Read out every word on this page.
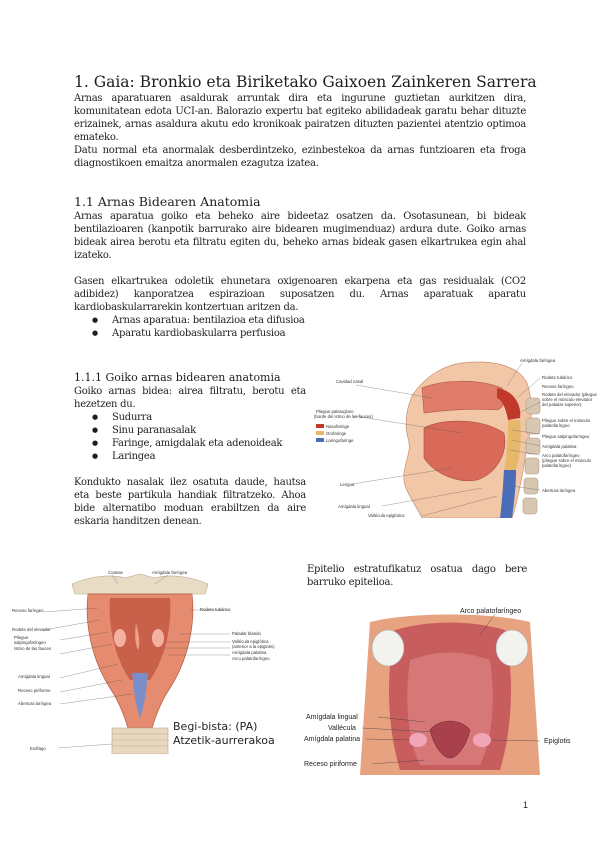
1. Gaia: Bronkio eta Biriketako Gaixoen Zainkeren Sarrera

Arnas aparatuaren asaldurak arruntak dira eta ingurune guztietan aurkitzen dira, komunitatean edota UCI-an. Balorazio expertu bat egiteko abilidadeak garatu behar dituzte erizainek, arnas asaldura akutu edo kronikoak pairatzen dituzten pazientei atentzio optimoa emateko.

Datu normal eta anormalak desberdintzeko, ezinbestekoa da arnas funtzioaren eta froga diagnostikoen emaitza anormalen ezagutza izatea.

1.1 Arnas Bidearen Anatomia

Arnas aparatua goiko eta beheko aire bideetaz osatzen da. Osotasunean, bi bideak bentilazioaren (kanpotik barrurako aire bidearen mugimenduaz) ardura dute. Goiko arnas bideak airea berotu eta filtratu egiten du, beheko arnas bideak gasen elkartrukea egin ahal izateko.

Gasen elkartrukea odoletik ehunetara oxigenoaren ekarpena eta gas residualak (CO2 adibidez) kanporatzea espirazioan suposatzen du. Arnas aparatuak aparatu kardiobaskularrarekin kontzertuan aritzen da.

● Arnas aparatua: bentilazioa eta difusioa
● Aparatu kardiobaskularra perfusioa
1.1.1 Goiko arnas bidearen anatomia

Goiko arnas bidea: airea filtratu, berotu eta hezetzen du.

● Sudurra
● Sinu paranasalak
● Faringe, amigdalak eta adenoideak
● Laringea

Kondukto nasalak ilez osatuta daude, hautsa eta beste partikula handiak filtratzeko. Ahoa bide alternatibo moduan erabiltzen da aire eskaria handitzen denean.

Cavidad nasal
Pliegue palatogloso
(borde del istmo de las fauces)
Nasofaringe
Orofaringe
Laringofaringe
Lengua
Amígdala lingual
Vallécula epiglótica
Amígdala faríngea
Rodete tubárico
Receso faríngeo
Rodete del elevador (pliegue
sobre el músculo elevador
del paladar superior)
Pliegue sobre el músculo
palatofaríngeo
Pliegue salpingofaríngeo
Amígdala palatina
Arco palatofaríngeo
(pliegue sobre el músculo
palatofaríngeo)
Abertura laríngea
Coanas	Amígdala faríngea
Receso faríngeo
Rodete del elevador
Pliegue
salpingofaríngeo
Istmo de las fauces
Amígdala lingual
Receso piriforme
Abertura laríngea
Esófago
Rodete tubárico
Paladar blando
Vallécula epiglótica
(anterior a la epiglotis)
Amígdala palatina
Arco palatofaríngeo
Begi-bista: (PA)
Atzetik-aurrerakoa

Epitelio estratufikatuz osatua dago bere barruko epitelioa.

Arco palatofaríngeo
Amígdala lingual
Vallécula
Amígdala palatina
Receso piriforme
Epiglotis
1
